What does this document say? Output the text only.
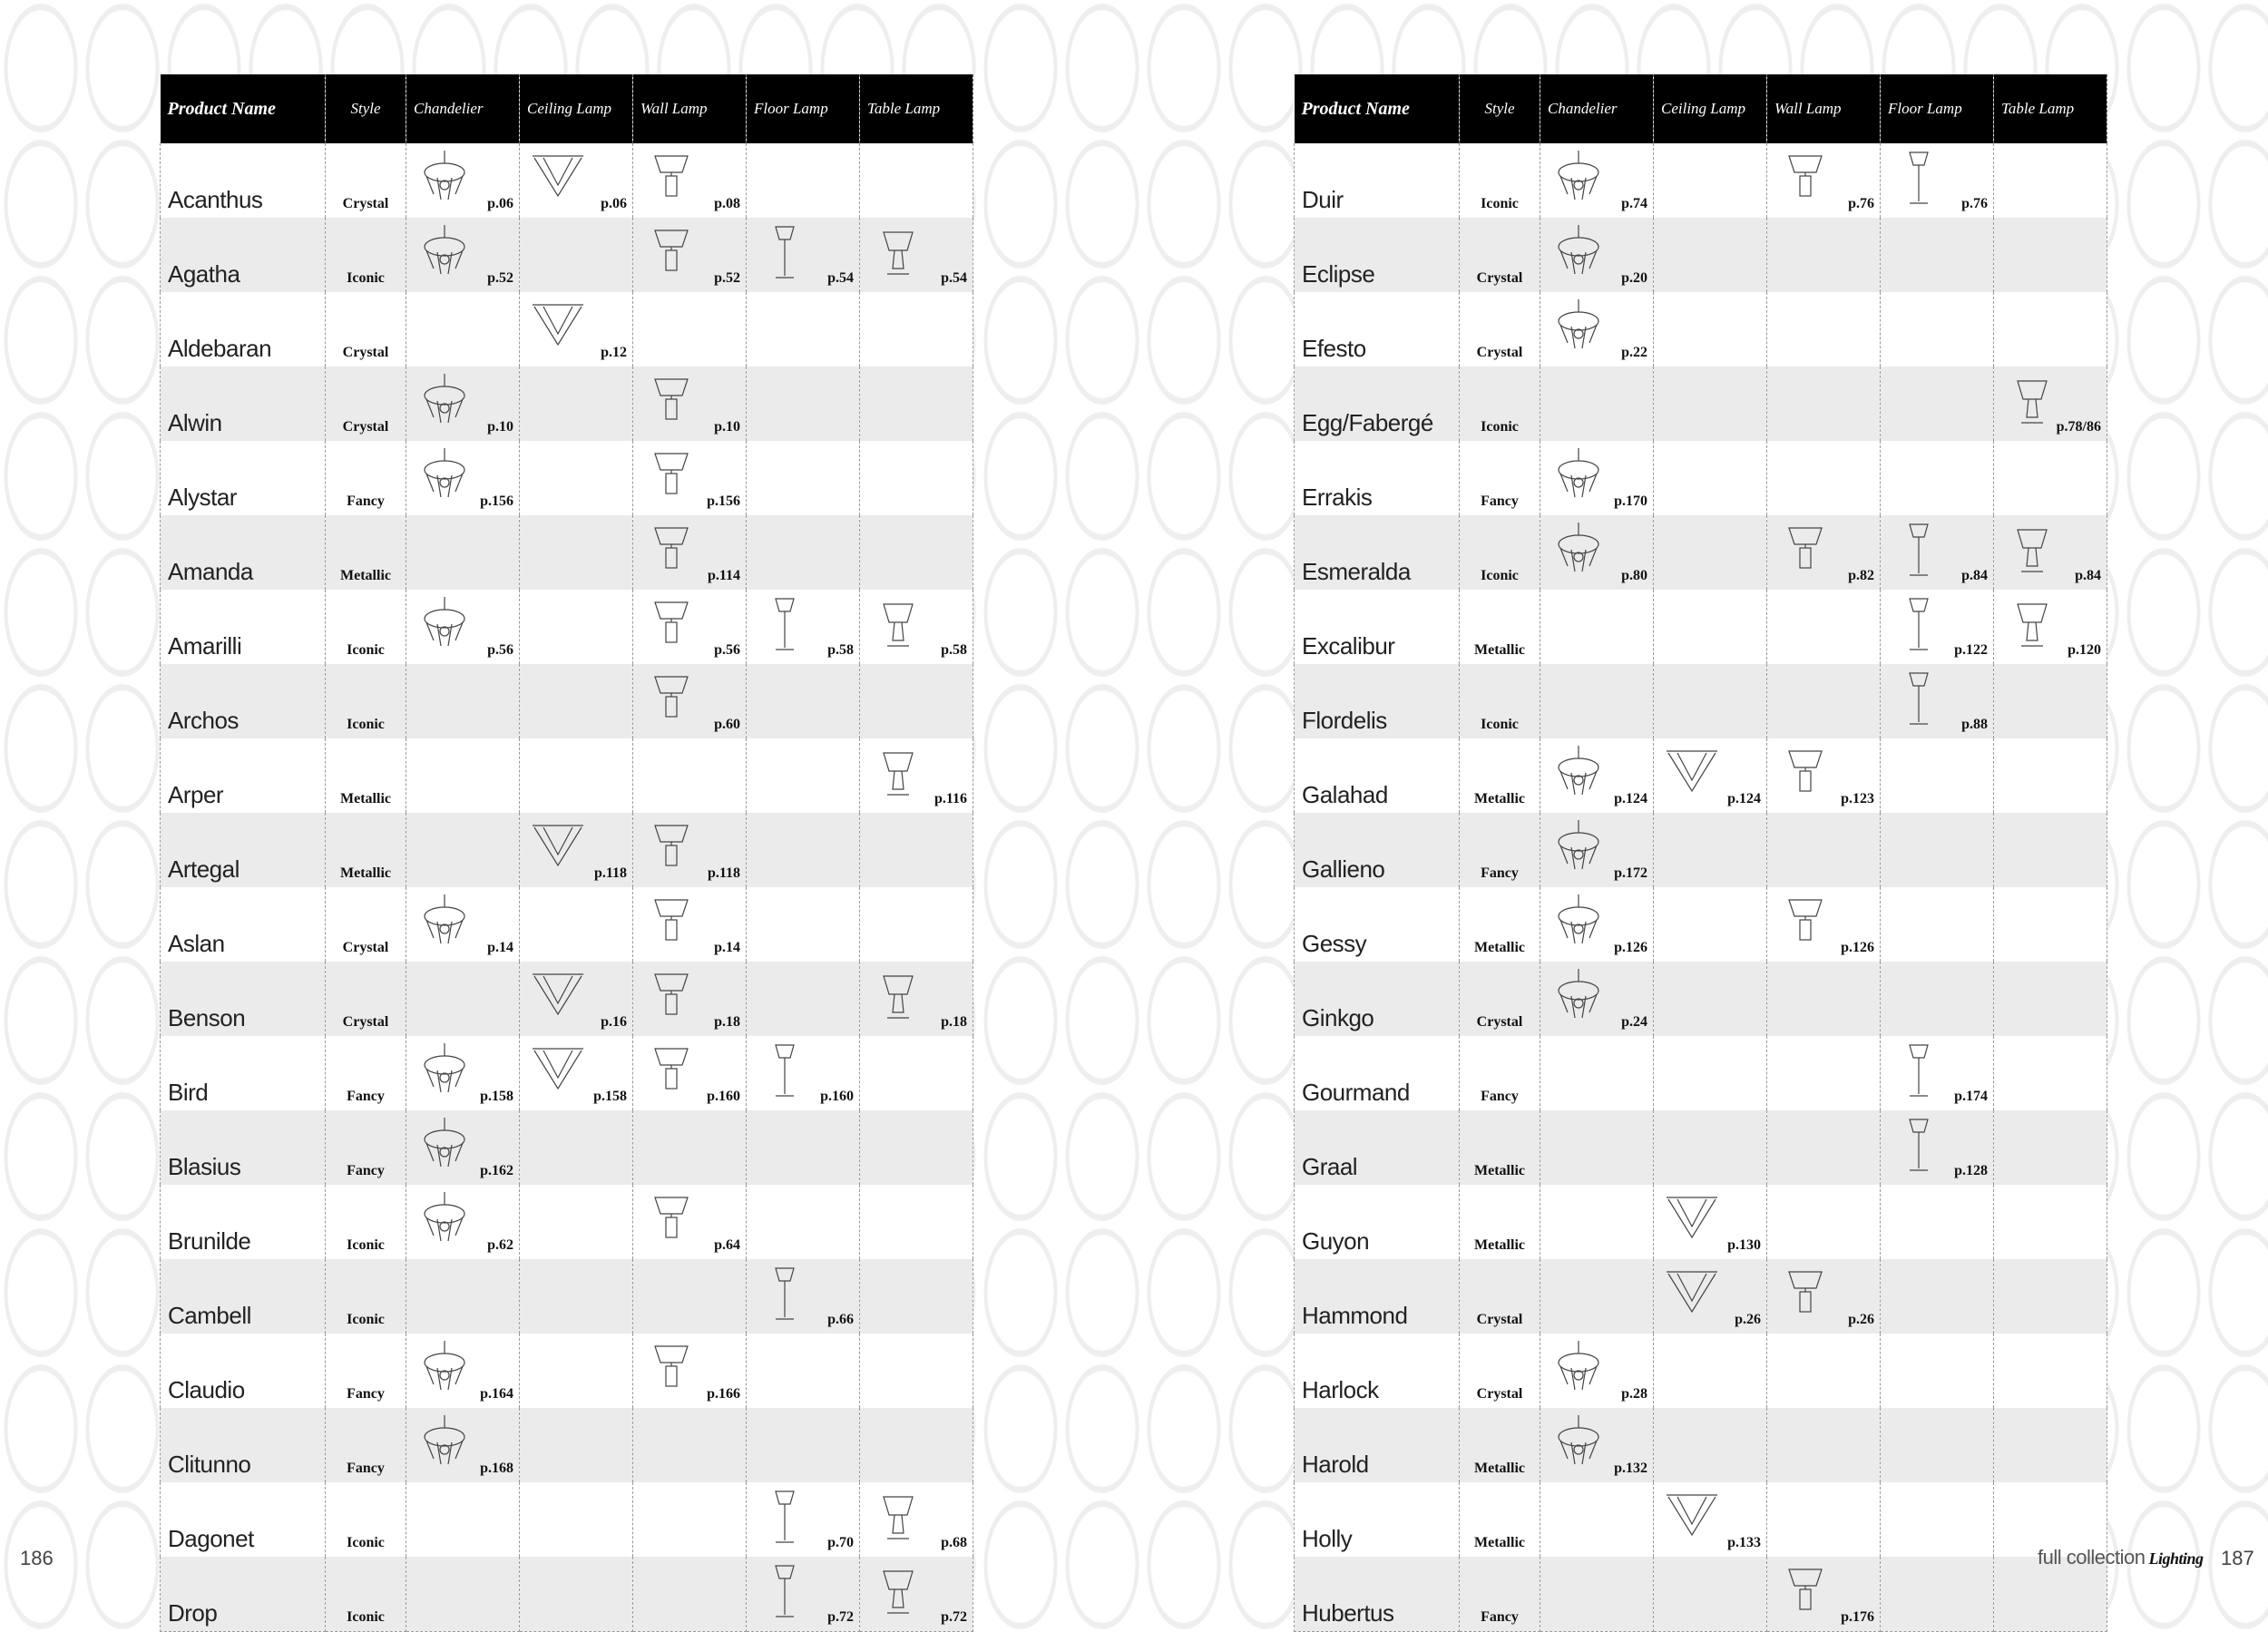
Product Name	Style	Chandelier	Ceiling Lamp	Wall Lamp	Floor Lamp	Table Lamp
Acanthus	Crystal	p.06	p.06	p.08		

Agatha	Iconic	p.52		p.52	p.54	p.54

Aldebaran	Crystal		p.12			

Alwin	Crystal	p.10		p.10		

Alystar	Fancy	p.156		p.156		

Amanda	Metallic			p.114		

Amarilli	Iconic	p.56		p.56	p.58	p.58

Archos	Iconic			p.60		

Arper	Metallic					p.116

Artegal	Metallic		p.118	p.118		

Aslan	Crystal	p.14		p.14		

Benson	Crystal		p.16	p.18		p.18

Bird	Fancy	p.158	p.158	p.160	p.160	

Blasius	Fancy	p.162				

Brunilde	Iconic	p.62		p.64		

Cambell	Iconic				p.66	

Claudio	Fancy	p.164		p.166		

Clitunno	Fancy	p.168				

Dagonet	Iconic				p.70	p.68

Drop	Iconic				p.72	p.72
Product Name	Style	Chandelier	Ceiling Lamp	Wall Lamp	Floor Lamp	Table Lamp
Duir	Iconic	p.74		p.76	p.76	

Eclipse	Crystal	p.20				

Efesto	Crystal	p.22				

Egg/Fabergé	Iconic					p.78/86

Errakis	Fancy	p.170				

Esmeralda	Iconic	p.80		p.82	p.84	p.84

Excalibur	Metallic				p.122	p.120

Flordelis	Iconic				p.88	

Galahad	Metallic	p.124	p.124	p.123		

Gallieno	Fancy	p.172				

Gessy	Metallic	p.126		p.126		

Ginkgo	Crystal	p.24				

Gourmand	Fancy				p.174	

Graal	Metallic				p.128	

Guyon	Metallic		p.130			

Hammond	Crystal		p.26	p.26		

Harlock	Crystal	p.28				

Harold	Metallic	p.132				

Holly	Metallic		p.133			

Hubertus	Fancy			p.176		

186	full collection Lighting 187
